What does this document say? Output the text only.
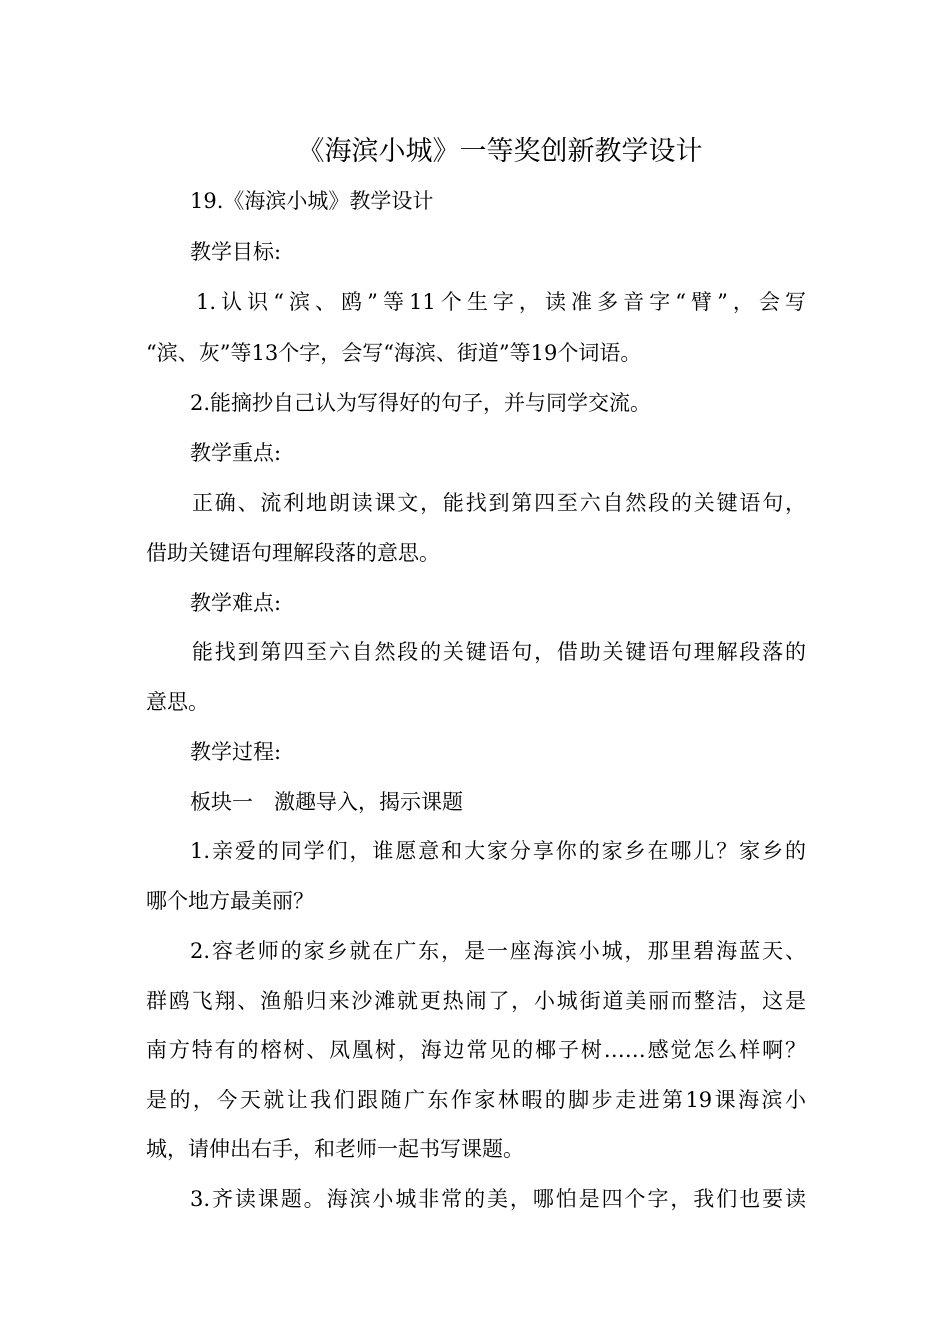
《海滨小城》一等奖创新教学设计
19.《海滨小城》教学设计
教学目标:
1.认识“滨、鸥”等11个生字，读准多音字“臂”，会写
“滨、灰”等13个字，会写“海滨、街道”等19个词语。
2.能摘抄自己认为写得好的句子，并与同学交流。
教学重点:
正确、流利地朗读课文，能找到第四至六自然段的关键语句，
借助关键语句理解段落的意思。
教学难点:
能找到第四至六自然段的关键语句，借助关键语句理解段落的
意思。
教学过程:
板块一　激趣导入，揭示课题
1.亲爱的同学们，谁愿意和大家分享你的家乡在哪儿？家乡的
哪个地方最美丽？
2.容老师的家乡就在广东，是一座海滨小城，那里碧海蓝天、
群鸥飞翔、渔船归来沙滩就更热闹了，小城街道美丽而整洁，这是
南方特有的榕树、凤凰树，海边常见的椰子树……感觉怎么样啊？
是的，今天就让我们跟随广东作家林暇的脚步走进第19课海滨小
城，请伸出右手，和老师一起书写课题。
3.齐读课题。海滨小城非常的美，哪怕是四个字，我们也要读
